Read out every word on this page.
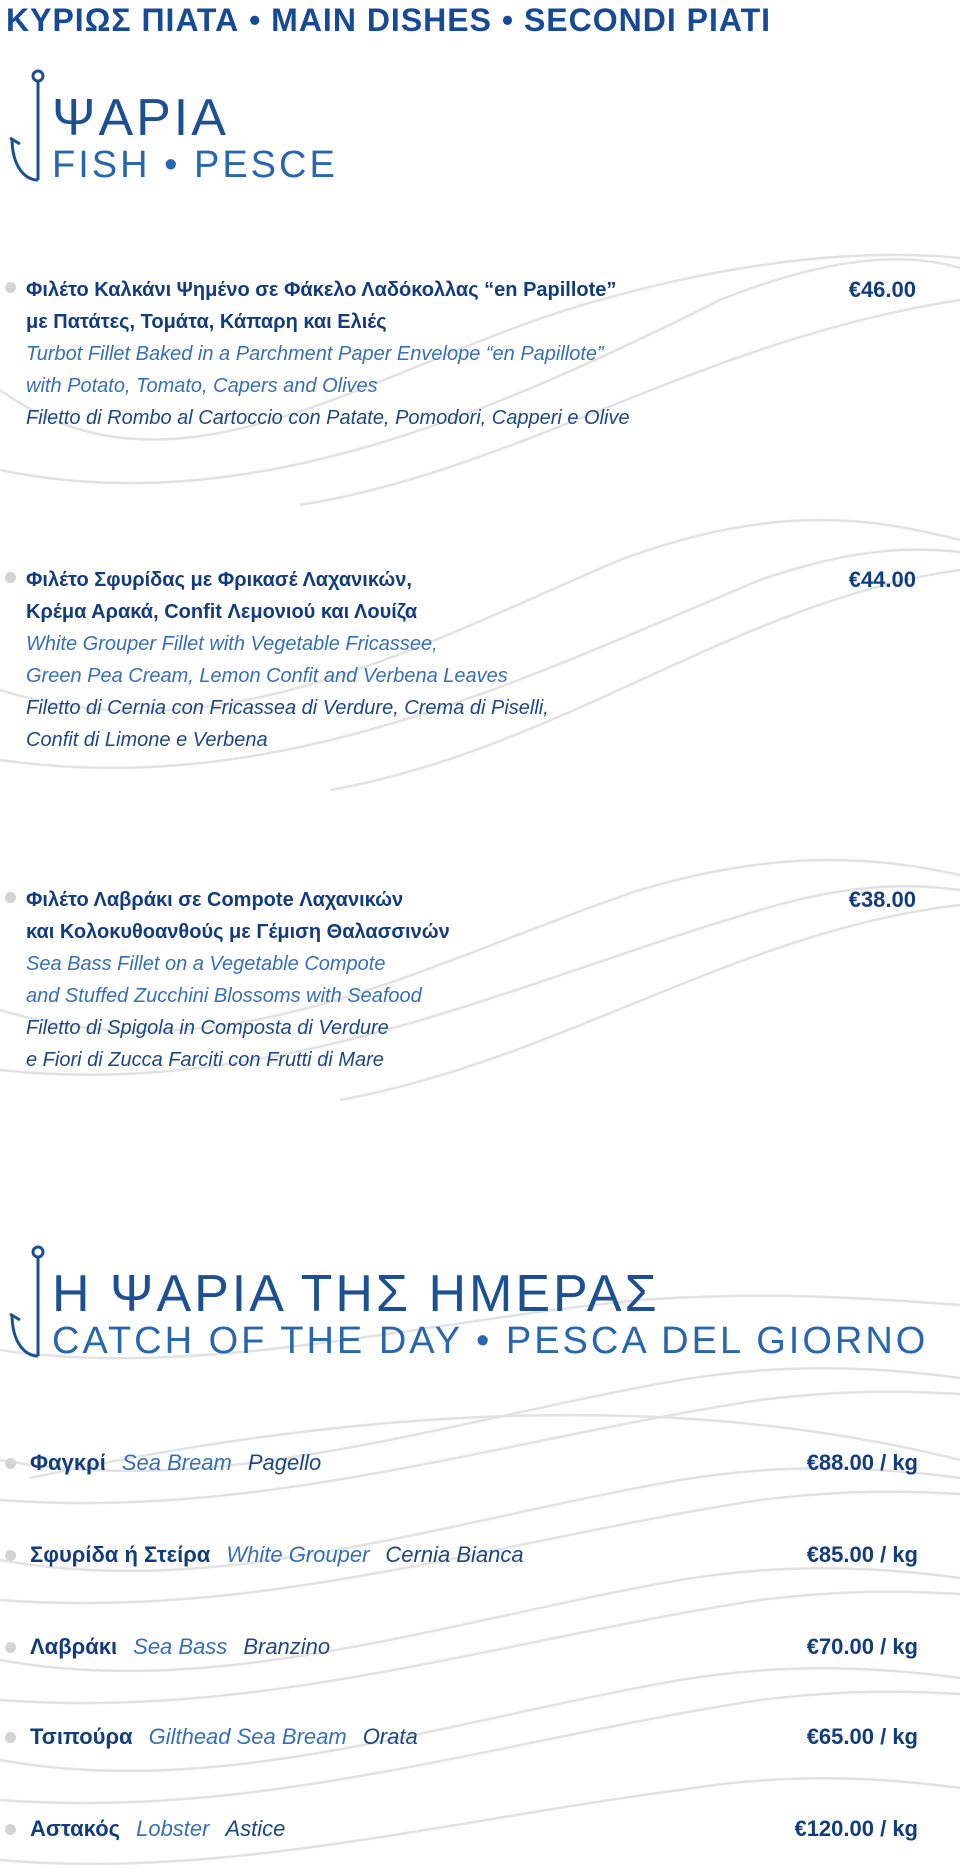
ΚΥΡΙΩΣ ΠΙΑΤΑ • MAIN DISHES • SECONDI PIATI
ΨΑΡΙΑ
FISH • PESCE
Φιλέτο Καλκάνι Ψημένο σε Φάκελο Λαδόκολλας “en Papillote”
με Πατάτες, Τομάτα, Κάπαρη και Ελιές
Turbot Fillet Baked in a Parchment Paper Envelope “en Papillote”
with Potato, Tomato, Capers and Olives
Filetto di Rombo al Cartoccio con Patate, Pomodori, Capperi e Olive
€46.00
Φιλέτο Σφυρίδας με Φρικασέ Λαχανικών,
Κρέμα Αρακά, Confit Λεμονιού και Λουίζα
White Grouper Fillet with Vegetable Fricassee,
Green Pea Cream, Lemon Confit and Verbena Leaves
Filetto di Cernia con Fricassea di Verdure, Crema di Piselli,
Confit di Limone e Verbena
€44.00
Φιλέτο Λαβράκι σε Compote Λαχανικών
και Κολοκυθοανθούς με Γέμιση Θαλασσινών
Sea Bass Fillet on a Vegetable Compote
and Stuffed Zucchini Blossoms with Seafood
Filetto di Spigola in Composta di Verdure
e Fiori di Zucca Farciti con Frutti di Mare
€38.00
Η ΨΑΡΙΑ ΤΗΣ ΗΜΕΡΑΣ
CATCH OF THE DAY • PESCA DEL GIORNO
Φαγκρί Sea Bream Pagello	€88.00 / kg
Σφυρίδα ή Στείρα White Grouper Cernia Bianca	€85.00 / kg
Λαβράκι Sea Bass Branzino	€70.00 / kg
Τσιπούρα Gilthead Sea Bream Orata	€65.00 / kg
Αστακός Lobster Astice	€120.00 / kg
